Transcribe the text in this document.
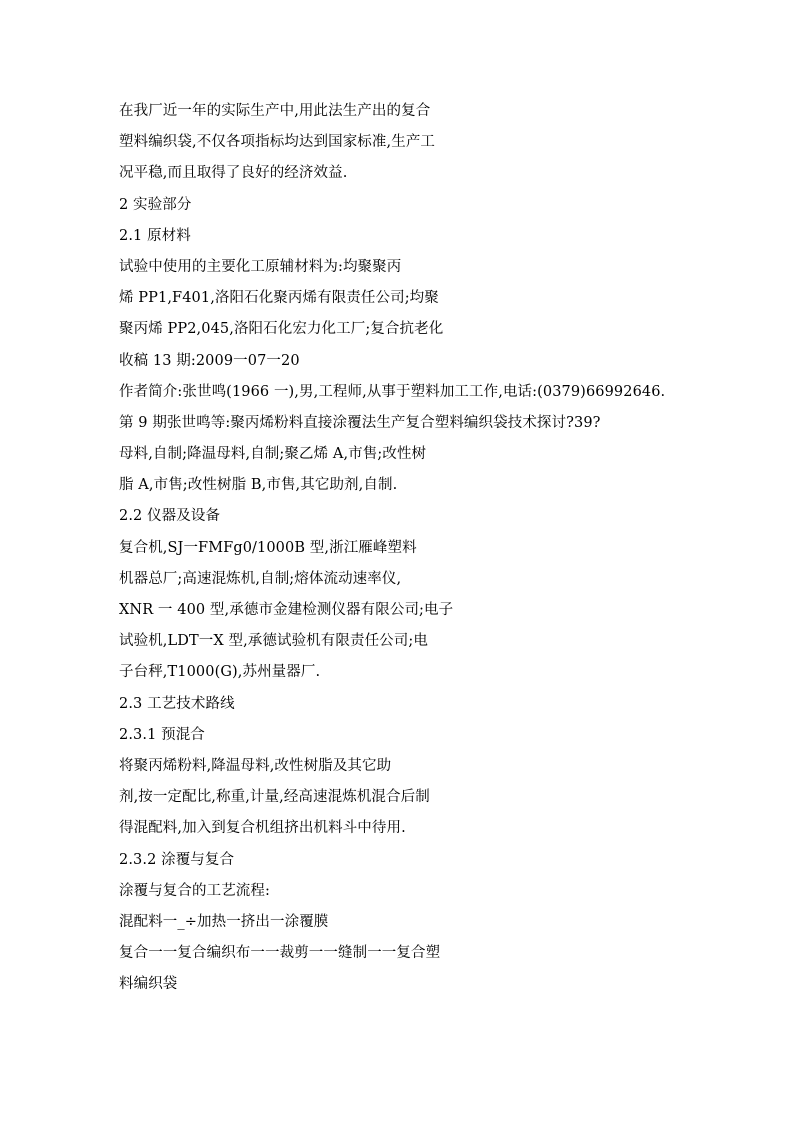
在我厂近一年的实际生产中,用此法生产出的复合
塑料编织袋,不仅各项指标均达到国家标准,生产工
况平稳,而且取得了良好的经济效益.
2 实验部分
2.1 原材料
试验中使用的主要化工原辅材料为:均聚聚丙
烯 PP1,F401,洛阳石化聚丙烯有限责任公司;均聚
聚丙烯 PP2,045,洛阳石化宏力化工厂;复合抗老化
收稿 13 期:2009一07一20
作者简介:张世鸣(1966 一),男,工程师,从事于塑料加工工作,电话:(0379)66992646.
第 9 期张世鸣等:聚丙烯粉料直接涂覆法生产复合塑料编织袋技术探讨?39?
母料,自制;降温母料,自制;聚乙烯 A,市售;改性树
脂 A,市售;改性树脂 B,市售,其它助剂,自制.
2.2 仪器及设备
复合机,SJ一FMFg0/1000B 型,浙江雁峰塑料
机器总厂;高速混炼机,自制;熔体流动速率仪,
XNR 一 400 型,承德市金建检测仪器有限公司;电子
试验机,LDT一X 型,承德试验机有限责任公司;电
子台秤,T1000(G),苏州量器厂.
2.3 工艺技术路线
2.3.1 预混合
将聚丙烯粉料,降温母料,改性树脂及其它助
剂,按一定配比,称重,计量,经高速混炼机混合后制
得混配料,加入到复合机组挤出机料斗中待用.
2.3.2 涂覆与复合
涂覆与复合的工艺流程:
混配料一_÷加热一挤出一涂覆膜
复合一一复合编织布一一裁剪一一缝制一一复合塑
料编织袋
